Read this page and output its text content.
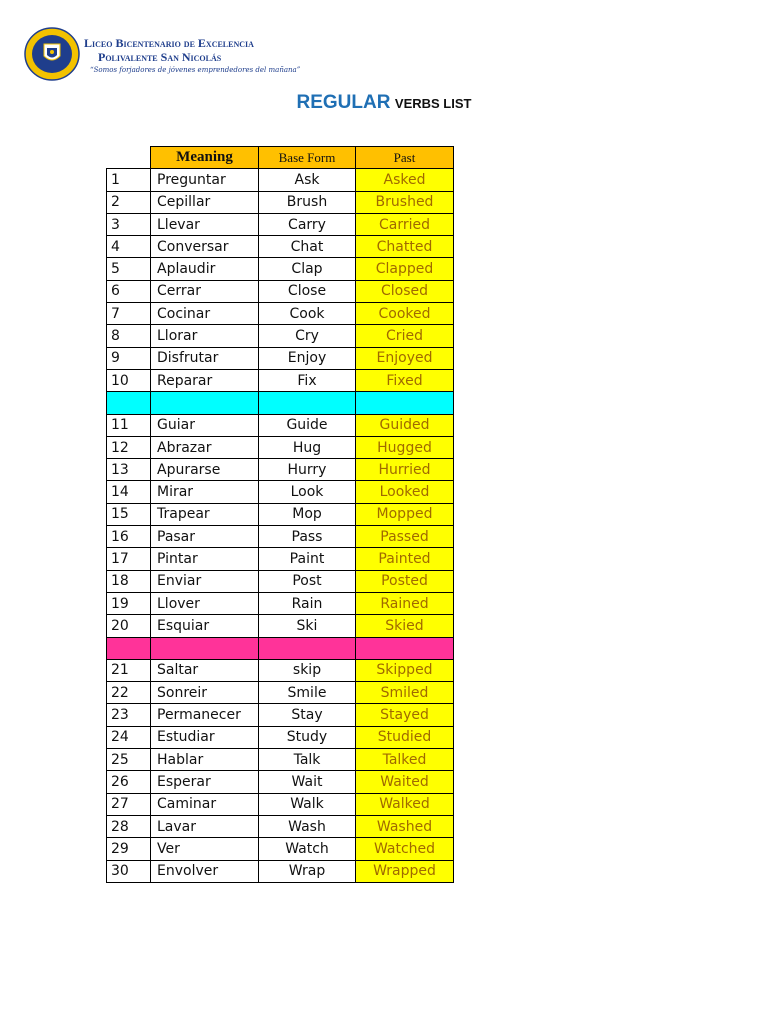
Liceo Bicentenario de Excelencia
Polivalente San Nicolás
“Somos forjadores de jóvenes emprendedores del mañana”
REGULAR VERBS LIST
	Meaning	Base Form	Past
1	Preguntar	Ask	Asked
2	Cepillar	Brush	Brushed
3	Llevar	Carry	Carried
4	Conversar	Chat	Chatted
5	Aplaudir	Clap	Clapped
6	Cerrar	Close	Closed
7	Cocinar	Cook	Cooked
8	Llorar	Cry	Cried
9	Disfrutar	Enjoy	Enjoyed
10	Reparar	Fix	Fixed

11	Guiar	Guide	Guided
12	Abrazar	Hug	Hugged
13	Apurarse	Hurry	Hurried
14	Mirar	Look	Looked
15	Trapear	Mop	Mopped
16	Pasar	Pass	Passed
17	Pintar	Paint	Painted
18	Enviar	Post	Posted
19	Llover	Rain	Rained
20	Esquiar	Ski	Skied

21	Saltar	skip	Skipped
22	Sonreir	Smile	Smiled
23	Permanecer	Stay	Stayed
24	Estudiar	Study	Studied
25	Hablar	Talk	Talked
26	Esperar	Wait	Waited
27	Caminar	Walk	Walked
28	Lavar	Wash	Washed
29	Ver	Watch	Watched
30	Envolver	Wrap	Wrapped
